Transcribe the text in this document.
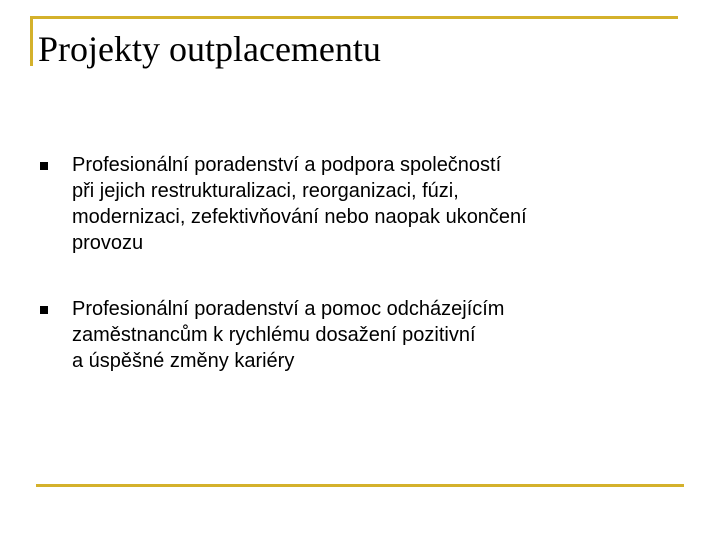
Projekty outplacementu
Profesionální poradenství a podpora společností
při jejich restrukturalizaci, reorganizaci, fúzi,
modernizaci, zefektivňování nebo naopak ukončení
provozu
Profesionální poradenství a pomoc odcházejícím
zaměstnancům k rychlému dosažení pozitivní
a úspěšné změny kariéry
